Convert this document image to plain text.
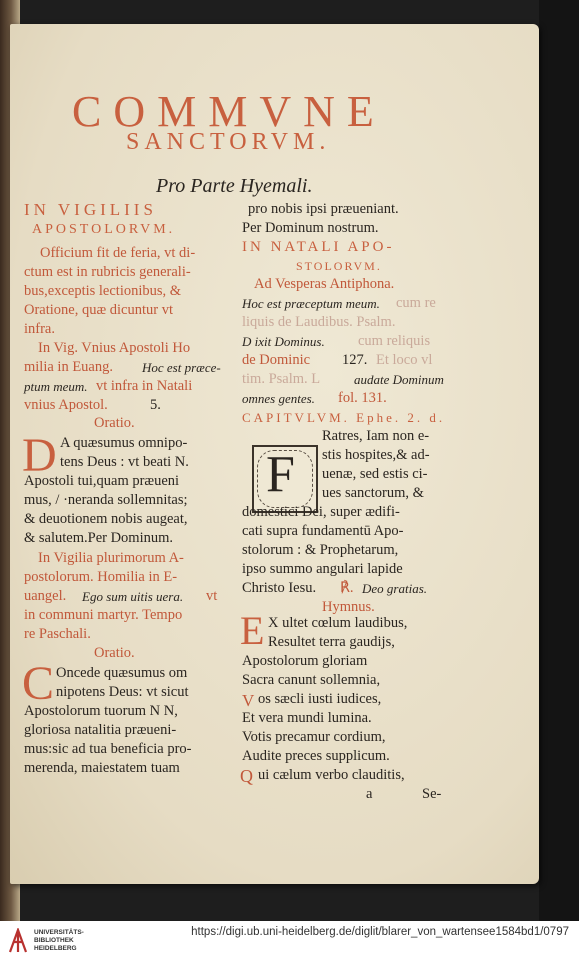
COMMVNE
SANCTORVM.
Pro Parte Hyemali.
IN VIGILIIS
APOSTOLORVM.
Officium fit de feria, vt di-
ctum est in rubricis generali-
bus,exceptis lectionibus, &
Oratione, quæ dicuntur vt
infra.
In Vig. Vnius Apostoli Ho
milia in Euang. Hoc est præce-
ptum meum. vt infra in Natali
vnius Apostol.	5.
Oratio.
D A quæsumus omnipo-
tens Deus : vt beati N.
Apostoli tui,quam præueni
mus, / ·neranda sollemnitas;
& deuotionem nobis augeat,
& salutem.Per Dominum.
In Vigilia plurimorum A-
postolorum. Homilia in E-
uangel. Ego sum uitis uera. vt
in communi martyr. Tempo
re Paschali.
Oratio.
C Oncede quæsumus om
nipotens Deus: vt sicut
Apostolorum tuorum N N,
gloriosa natalitia præueni-
mus:sic ad tua beneficia pro-
merenda, maiestatem tuam
pro nobis ipsi præueniant.
Per Dominum nostrum.
IN NATALI APO-
STOLORVM.
Ad Vesperas Antiphona.
Hoc est præceptum meum. cum re
liquis de Laudibus. Psalm.
D ixit Dominus. cum reliquis
de Dominic 127. Et loco vl
tim. Psalm. L	audate Dominum
omnes gentes. fol. 131.
CAPITVLVM. Ephe. 2. d.
F
Ratres, Iam non e-
stis hospites,& ad-
uenæ, sed estis ci-
ues sanctorum, &
domestici Dei, super ædifi-
cati supra fundamentū Apo-
stolorum : & Prophetarum,
ipso summo angulari lapide
Christo Iesu. ℟. Deo gratias.
Hymnus.
E X ultet cœlum laudibus,
Resultet terra gaudijs,
Apostolorum gloriam
Sacra canunt sollemnia,
V os sæcli iusti iudices,
Et vera mundi lumina.
Votis precamur cordium,
Audite preces supplicum.
Q ui cælum verbo clauditis,
a	Se-
UNIVERSITÄTS-
BIBLIOTHEK
HEIDELBERG
https://digi.ub.uni-heidelberg.de/diglit/blarer_von_wartensee1584bd1/0797
